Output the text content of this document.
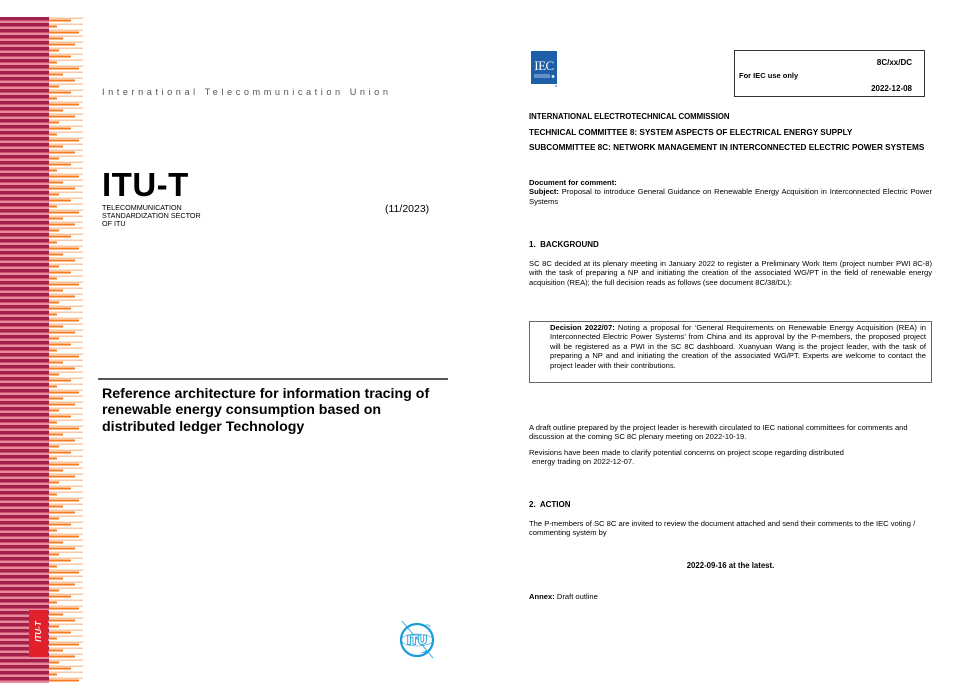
ITU-T
International Telecommunication Union
ITU-T
TELECOMMUNICATION
STANDARDIZATION SECTOR
OF ITU
(11/2023)
Reference architecture for information tracing of
renewable energy consumption based on
distributed ledger Technology
ITU
IEC	8C/xx/DC
For IEC use only
2022-12-08
INTERNATIONAL ELECTROTECHNICAL COMMISSION
TECHNICAL COMMITTEE 8: SYSTEM ASPECTS OF ELECTRICAL ENERGY SUPPLY
SUBCOMMITTEE 8C: NETWORK MANAGEMENT IN INTERCONNECTED ELECTRIC POWER SYSTEMS
Document for comment:
Subject: Proposal to introduce General Guidance on Renewable Energy Acquisition in Interconnected Electric Power Systems
1.  BACKGROUND
SC 8C decided at its plenary meeting in January 2022 to register a Preliminary Work Item (project number PWI 8C-8) with the task of preparing a NP and initiating the creation of the associated WG/PT in the field of renewable energy acquisition (REA); the full decision reads as follows (see document 8C/38/DL):
Decision 2022/07: Noting a proposal for ‘General Requirements on Renewable Energy Acquisition (REA) in Interconnected Electric Power Systems’ from China and its approval by the P-members, the proposed project will be registered as a PWI in the SC 8C dashboard. Xuanyuan Wang is the project leader, with the task of preparing a NP and and initiating the creation of the associated WG/PT. Experts are welcome to contact the project leader with their contributions.
A draft outline prepared by the project leader is herewith circulated to IEC national committees for comments and discussion at the coming SC 8C plenary meeting on 2022-10-19.
Revisions have been made to clarify potential concerns on project scope regarding distributed
energy trading on 2022-12-07.
2.  ACTION
The P-members of SC 8C are invited to review the document attached and send their comments to the IEC voting / commenting system by
2022-09-16 at the latest.
Annex: Draft outline
